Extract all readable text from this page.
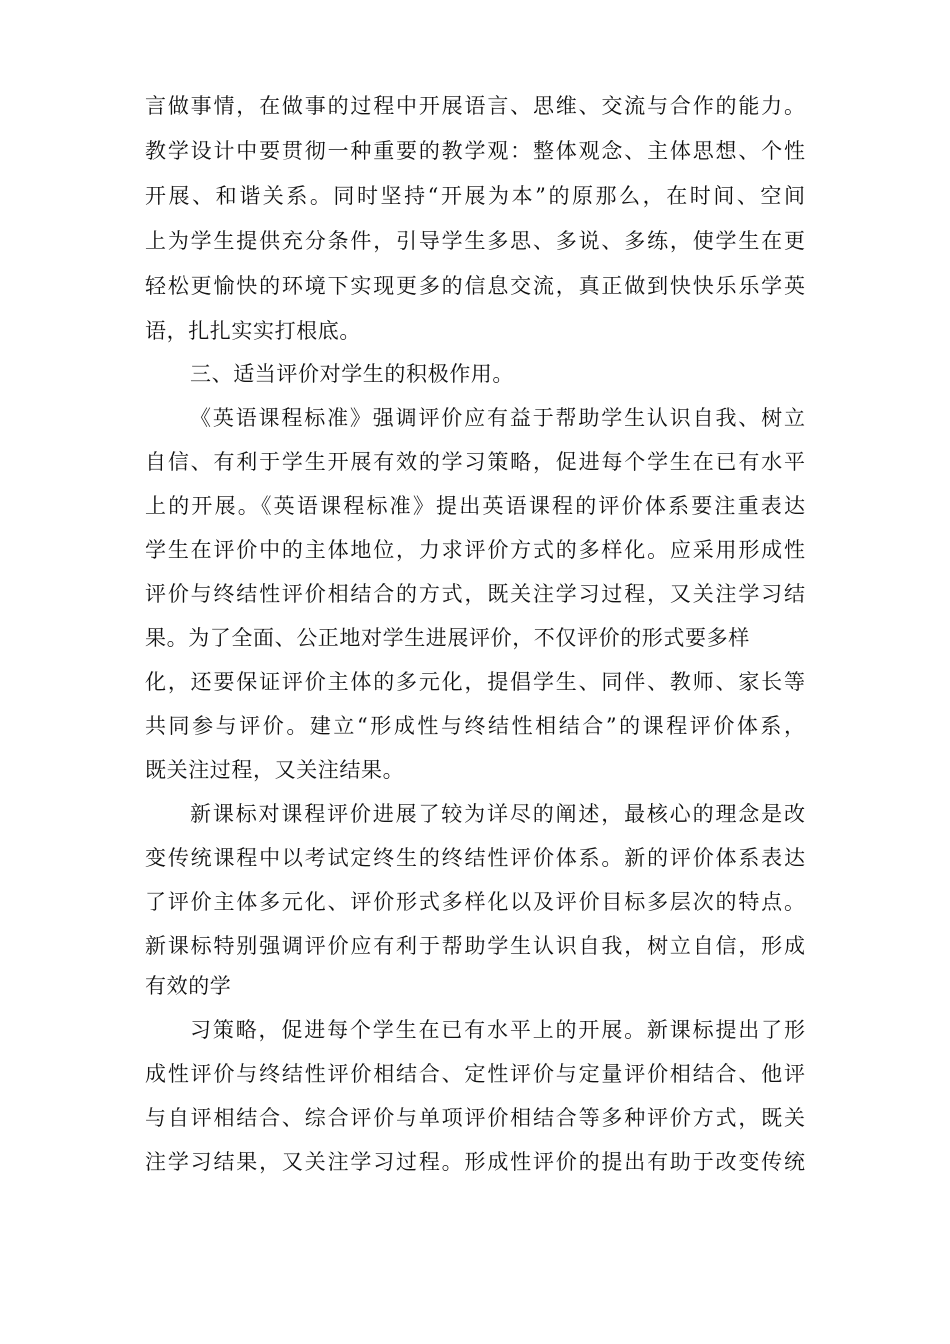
言做事情，在做事的过程中开展语言、思维、交流与合作的能力。
教学设计中要贯彻一种重要的教学观：整体观念、主体思想、个性
开展、和谐关系。同时坚持“开展为本”的原那么，在时间、空间
上为学生提供充分条件，引导学生多思、多说、多练，使学生在更
轻松更愉快的环境下实现更多的信息交流，真正做到快快乐乐学英
语，扎扎实实打根底。
三、适当评价对学生的积极作用。
《英语课程标准》强调评价应有益于帮助学生认识自我、树立
自信、有利于学生开展有效的学习策略，促进每个学生在已有水平
上的开展。《英语课程标准》提出英语课程的评价体系要注重表达
学生在评价中的主体地位，力求评价方式的多样化。应采用形成性
评价与终结性评价相结合的方式，既关注学习过程，又关注学习结
果。为了全面、公正地对学生进展评价，不仅评价的形式要多样
化，还要保证评价主体的多元化，提倡学生、同伴、教师、家长等
共同参与评价。建立“形成性与终结性相结合”的课程评价体系，
既关注过程，又关注结果。
新课标对课程评价进展了较为详尽的阐述，最核心的理念是改
变传统课程中以考试定终生的终结性评价体系。新的评价体系表达
了评价主体多元化、评价形式多样化以及评价目标多层次的特点。
新课标特别强调评价应有利于帮助学生认识自我，树立自信，形成
有效的学
习策略，促进每个学生在已有水平上的开展。新课标提出了形
成性评价与终结性评价相结合、定性评价与定量评价相结合、他评
与自评相结合、综合评价与单项评价相结合等多种评价方式，既关
注学习结果，又关注学习过程。形成性评价的提出有助于改变传统
